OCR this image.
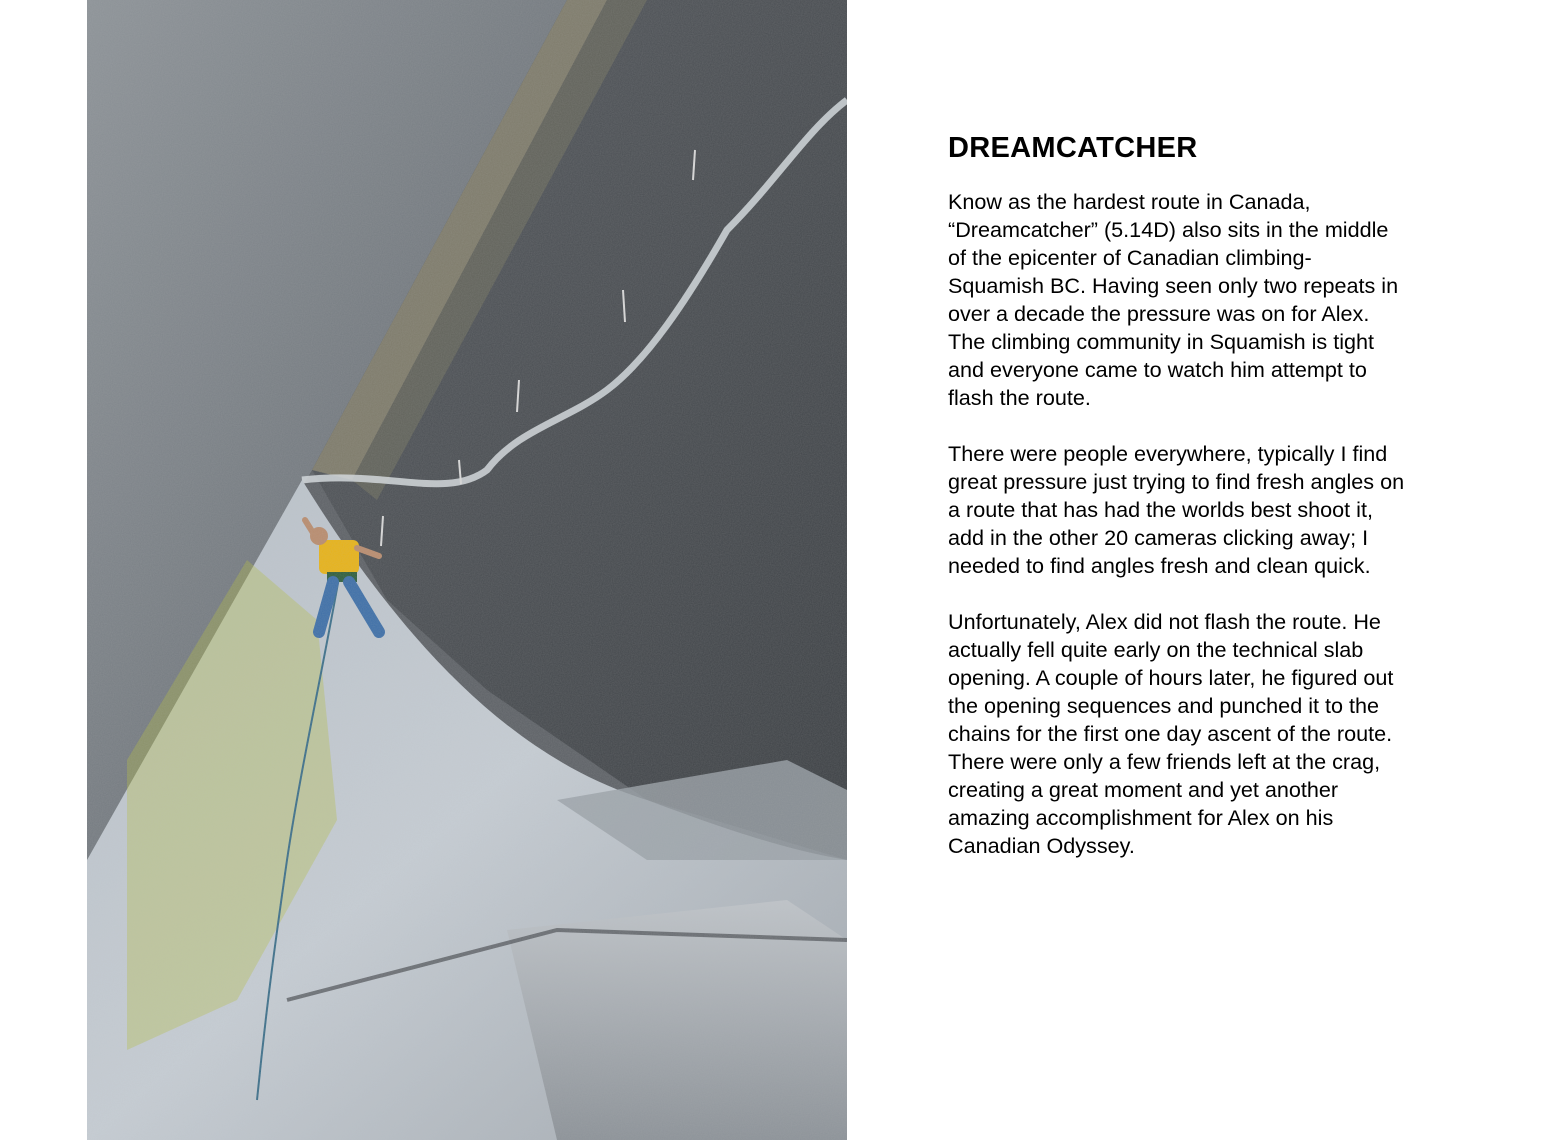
DREAMCATCHER

Know as the hardest route in Canada,
“Dreamcatcher” (5.14D) also sits in the middle
of the epicenter of Canadian climbing-
Squamish BC. Having seen only two repeats in
over a decade the pressure was on for Alex.
The climbing community in Squamish is tight
and everyone came to watch him attempt to
flash the route.

There were people everywhere, typically I find
great pressure just trying to find fresh angles on
a route that has had the worlds best shoot it,
add in the other 20 cameras clicking away; I
needed to find angles fresh and clean quick.

Unfortunately, Alex did not flash the route. He
actually fell quite early on the technical slab
opening. A couple of hours later, he figured out
the opening sequences and punched it to the
chains for the first one day ascent of the route.
There were only a few friends left at the crag,
creating a great moment and yet another
amazing accomplishment for Alex on his
Canadian Odyssey.
